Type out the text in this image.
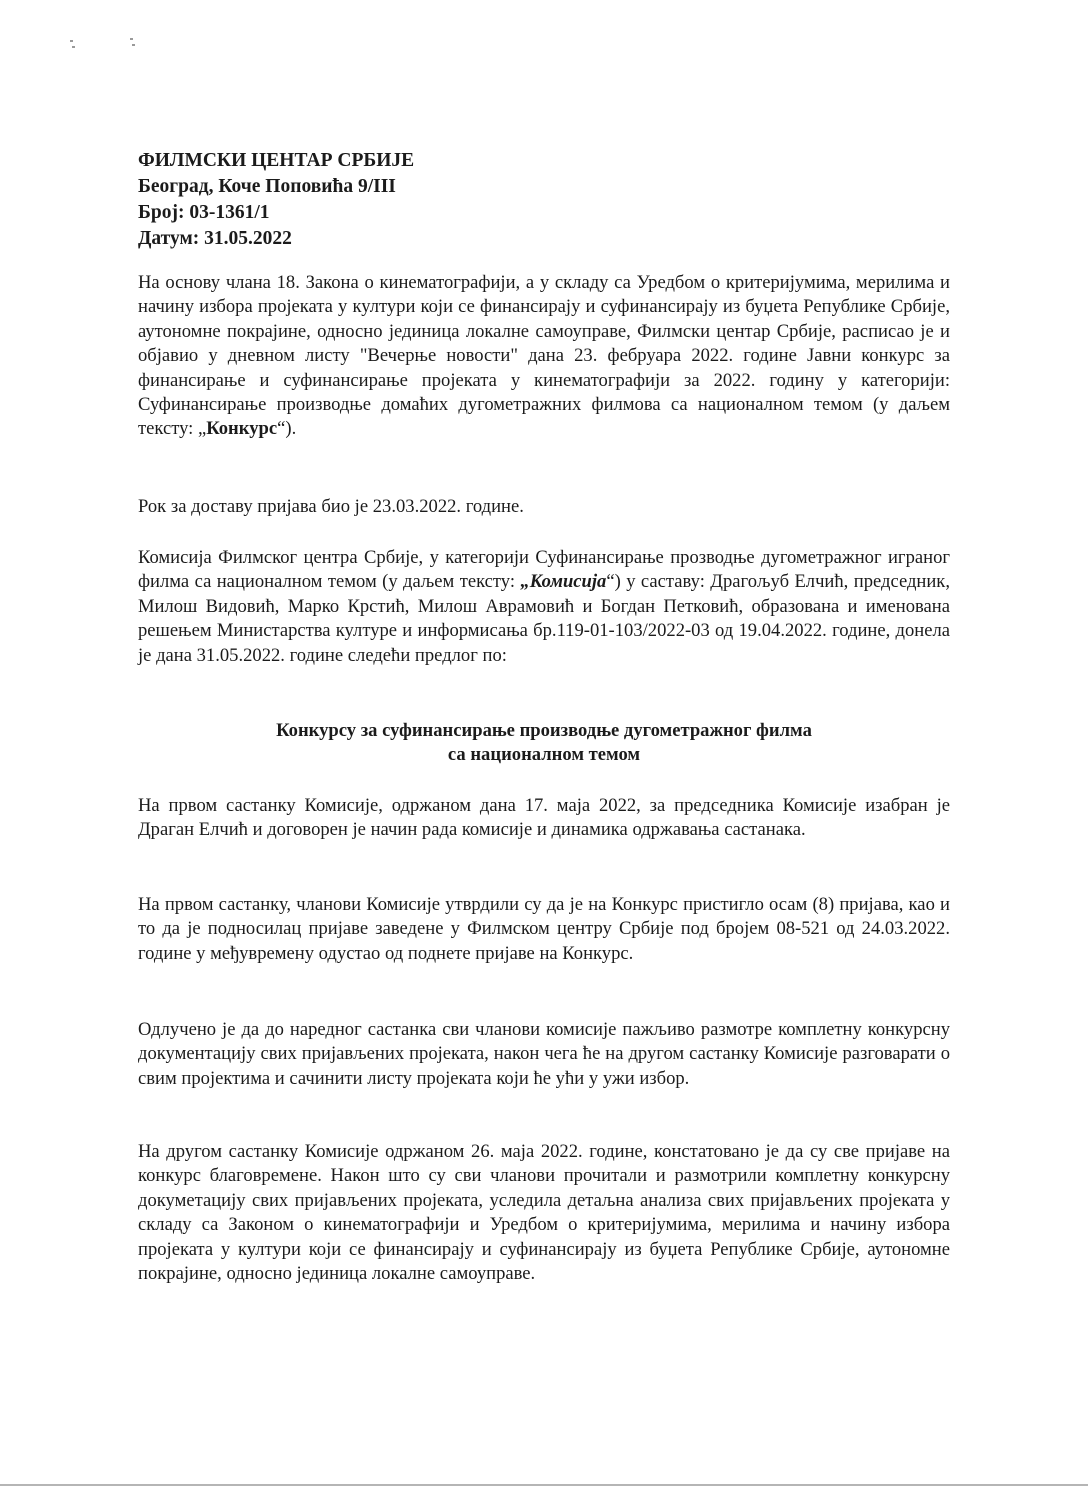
ФИЛМСКИ ЦЕНТАР СРБИЈЕ
Београд, Коче Поповића 9/III
Број: 03-1361/1
Датум: 31.05.2022
На основу члана 18. Закона о кинематографији, а у складу са Уредбом о критеријумима, мерилима и начину избора пројеката у култури који се финансирају и суфинансирају из буџета Републике Србије, аутономне покрајине, односно јединица локалне самоуправе, Филмски центар Србије, расписао је и објавио у дневном листу "Вечерње новости" дана 23. фебруара 2022. године Јавни конкурс за финансирање и суфинансирање пројеката у кинематографији за 2022. годину у категорији: Суфинансирање производње домаћих дугометражних филмова са националном темом (у даљем тексту: „Конкурс“).
Рок за доставу пријава био је 23.03.2022. године.
Комисија Филмског центра Србије, у категорији Суфинансирање прозводње дугометражног играног филма са националном темом (у даљем тексту: „Комисија“) у саставу: Драгољуб Елчић, председник, Милош Видовић, Марко Крстић, Милош Аврамовић и Богдан Петковић, образована и именована решењем Министарства културе и информисања бр.119-01-103/2022-03 од 19.04.2022. године, донела је дана 31.05.2022. године следећи предлог по:
Конкурсу за суфинансирање производње дугометражног филма
са националном темом
На првом састанку Комисије, одржаном дана 17. маја 2022, за председника Комисије изабран је Драган Елчић и договорен је начин рада комисије и динамика одржавања састанака.
На првом састанку, чланови Комисије утврдили су да је на Конкурс пристигло осам (8) пријава, као и то да је подносилац пријаве заведене у Филмском центру Србије под бројем 08-521 од 24.03.2022. године у међувремену одустао од поднете пријаве на Конкурс.
Одлучено је да до наредног састанка сви чланови комисије пажљиво размотре комплетну конкурсну документацију свих пријављених пројеката, након чега ће на другом састанку Комисије разговарати о свим пројектима и сачинити листу пројеката који ће ући у ужи избор.
На другом састанку Комисије одржаном 26. маја 2022. године, констатовано је да су све пријаве на конкурс благовремене. Након што су сви чланови прочитали и размотрили комплетну конкурсну докуметацију свих пријављених пројеката, уследила детаљна анализа свих пријављених пројеката у складу са Законом о кинематографији и Уредбом о критеријумима, мерилима и начину избора пројеката у култури који се финансирају и суфинансирају из буџета Републике Србије, аутономне покрајине, односно јединица локалне самоуправе.
